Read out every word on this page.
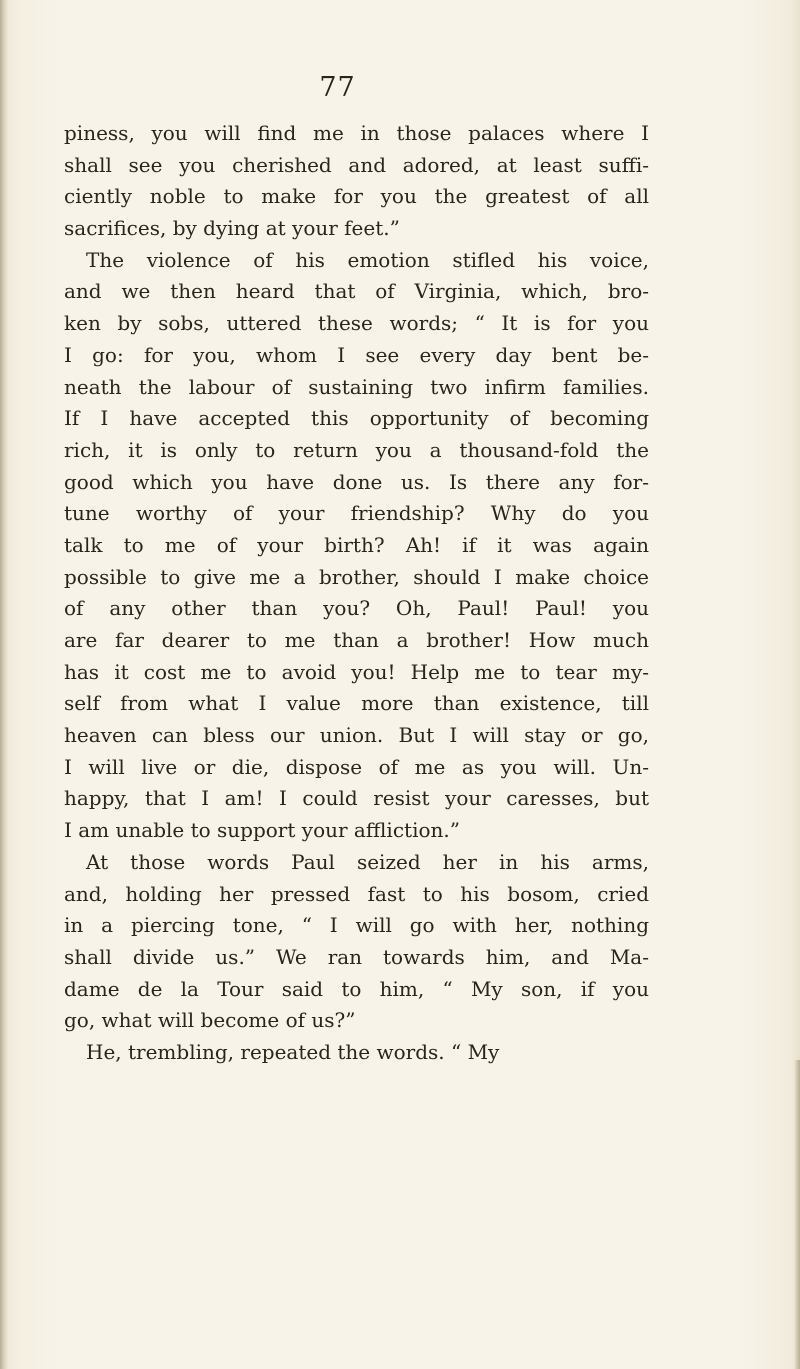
77
piness, you will find me in those palaces where I
shall see you cherished and adored, at least suffi-
ciently noble to make for you the greatest of all
sacrifices, by dying at your feet.”
The violence of his emotion stifled his voice,
and we then heard that of Virginia, which, bro-
ken by sobs, uttered these words; “ It is for you
I go: for you, whom I see every day bent be-
neath the labour of sustaining two infirm families.
If I have accepted this opportunity of becoming
rich, it is only to return you a thousand-fold the
good which you have done us. Is there any for-
tune worthy of your friendship? Why do you
talk to me of your birth? Ah! if it was again
possible to give me a brother, should I make choice
of any other than you? Oh, Paul! Paul! you
are far dearer to me than a brother! How much
has it cost me to avoid you! Help me to tear my-
self from what I value more than existence, till
heaven can bless our union. But I will stay or go,
I will live or die, dispose of me as you will. Un-
happy, that I am! I could resist your caresses, but
I am unable to support your affliction.”
At those words Paul seized her in his arms,
and, holding her pressed fast to his bosom, cried
in a piercing tone, “ I will go with her, nothing
shall divide us.” We ran towards him, and Ma-
dame de la Tour said to him, “ My son, if you
go, what will become of us?”
He, trembling, repeated the words. “ My
